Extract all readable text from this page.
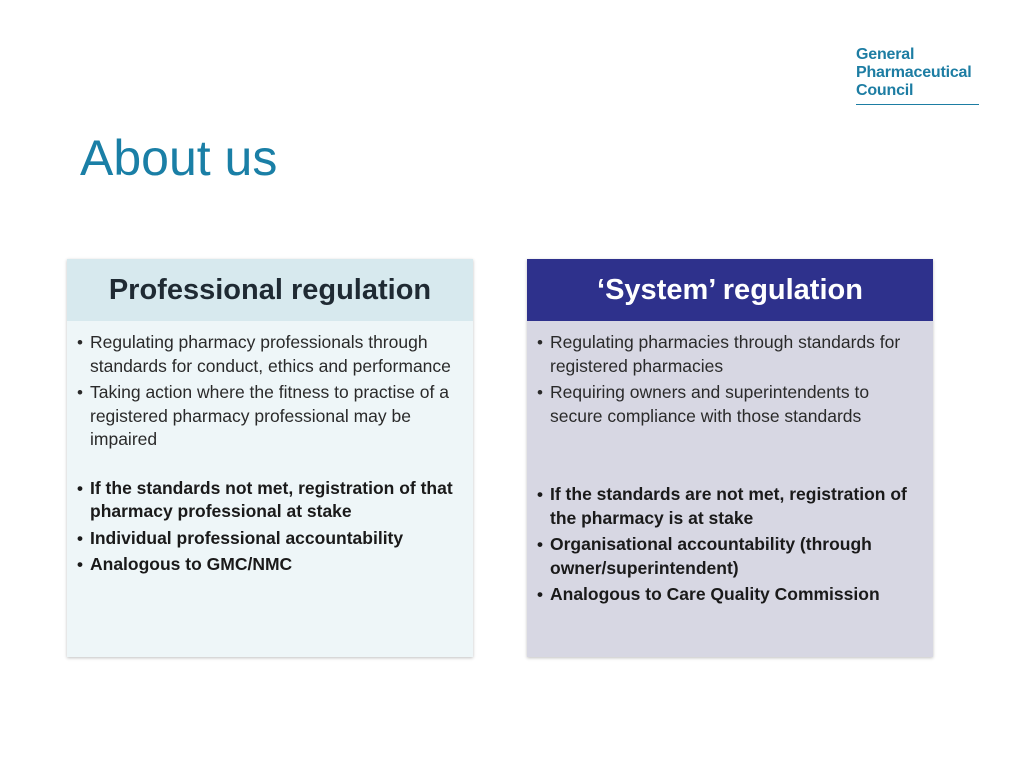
General
Pharmaceutical
Council
About us
Professional regulation
• Regulating pharmacy professionals through standards for conduct, ethics and performance
• Taking action where the fitness to practise of a registered pharmacy professional may be impaired
• If the standards not met, registration of that pharmacy professional at stake
• Individual professional accountability
• Analogous to GMC/NMC
‘System’ regulation
• Regulating pharmacies through standards for registered pharmacies
• Requiring owners and superintendents to secure compliance with those standards
• If the standards are not met, registration of the pharmacy is at stake
• Organisational accountability (through owner/superintendent)
• Analogous to Care Quality Commission
